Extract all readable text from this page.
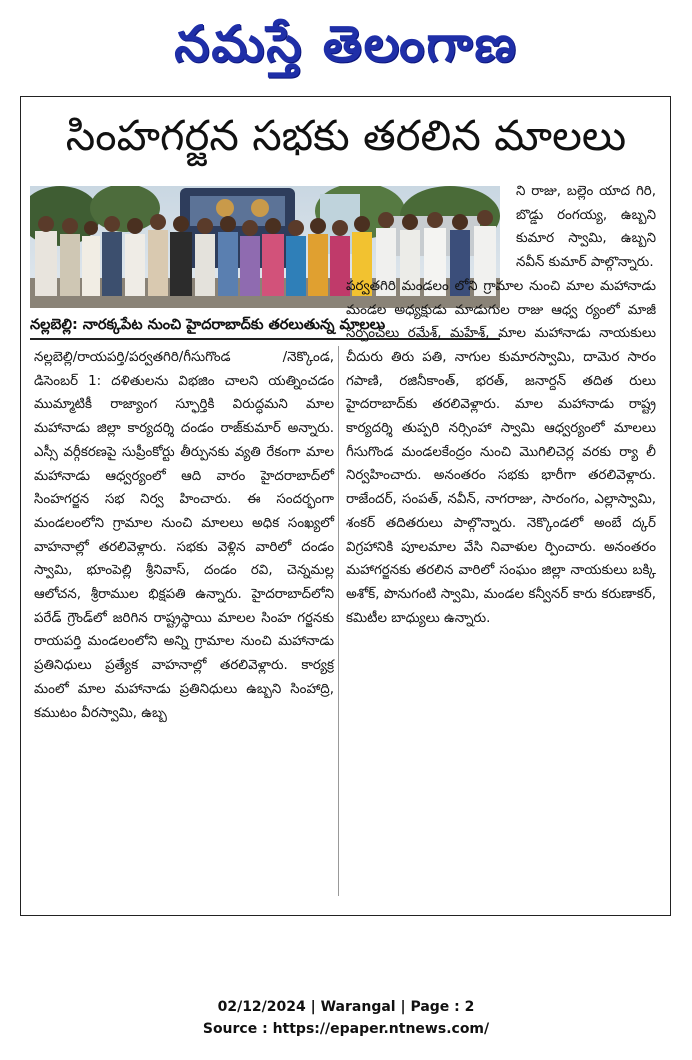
నమస్తే తెలంగాణ
సింహగర్జన సభకు తరలిన మాలలు
నల్లబెల్లి: నారక్కపేట నుంచి హైదరాబాద్‌కు తరలుతున్న మాలలు

నల్లబెల్లి/రాయపర్తి/పర్వతగిరి/గీసుగొండ /నెక్కొండ, డిసెంబర్ 1: దళితులను విభజిం చాలని యత్నించడం ముమ్మాటికీ రాజ్యాంగ స్ఫూర్తికి విరుద్ధమని మాల మహానాడు జిల్లా కార్యదర్శి దండం రాజ్‌కుమార్ అన్నారు. ఎస్సీ వర్గీకరణపై సుప్రీంకోర్టు తీర్పునకు వ్యతి రేకంగా మాల మహానాడు ఆధ్వర్యంలో ఆది వారం హైదరాబాద్‌లో సింహగర్జన సభ నిర్వ హించారు. ఈ సందర్భంగా మండలంలోని గ్రామాల నుంచి మాలలు అధిక సంఖ్యలో వాహనాల్లో తరలివెళ్లారు. సభకు వెళ్లిన వారిలో దండం స్వామి, భూంపెల్లి శ్రీనివాస్, దండం రవి, చెన్నమల్ల ఆలోచన, శ్రీరాముల భిక్షపతి ఉన్నారు. హైదరాబాద్‌లోని పరేడ్ గ్రౌండ్‌లో జరిగిన రాష్ట్రస్థాయి మాలల సింహ గర్జనకు రాయపర్తి మండలంలోని అన్ని గ్రామాల నుంచి మహానాడు ప్రతినిధులు ప్రత్యేక వాహనాల్లో తరలివెళ్లారు. కార్యక్ర మంలో మాల మహానాడు ప్రతినిధులు ఉబ్బని సింహాద్రి, కముటం వీరస్వామి, ఉబ్బ

ని రాజు, బల్లెం యాద గిరి, బొడ్డు రంగయ్య, ఉబ్బని కుమార స్వామి, ఉబ్బని నవీన్ కుమార్ పాల్గొన్నారు.

పర్వతగిరి మండలం లోని గ్రామాల నుంచి మాల మహానాడు మండల అధ్యక్షుడు మాడుగుల రాజు ఆధ్వ ర్యంలో మాజీ సర్పంచ్‌లు రమేశ్, మహేశ్, మాల మహానాడు నాయకులు చీదురు తిరు పతి, నాగుల కుమారస్వామి, దామెర సారం గపాణి, రజినీకాంత్, భరత్, జనార్దన్ తదిత రులు హైదరాబాద్‌కు తరలివెళ్లారు. మాల మహానాడు రాష్ట్ర కార్యదర్శి తుప్పరి నర్సింహా స్వామి ఆధ్వర్యంలో మాలలు గీసుగొండ మండలకేంద్రం నుంచి మొగిలిచెర్ల వరకు ర్యా లీ నిర్వహించారు. అనంతరం సభకు భారీగా తరలివెళ్లారు. రాజేందర్, సంపత్, నవీన్, నాగరాజు, సారంగం, ఎల్లాస్వామి, శంకర్ తదితరులు పాల్గొన్నారు. నెక్కొండలో అంబే ద్కర్ విగ్రహానికి పూలమాల వేసి నివాళుల ర్పించారు. అనంతరం మహాగర్జనకు తరలిన వారిలో సంఘం జిల్లా నాయకులు బక్కి అశోక్, పొనుగంటి స్వామి, మండల కన్వీనర్ కారు కరుణాకర్, కమిటీల బాధ్యులు ఉన్నారు.

02/12/2024 | Warangal | Page : 2
Source : https://epaper.ntnews.com/
